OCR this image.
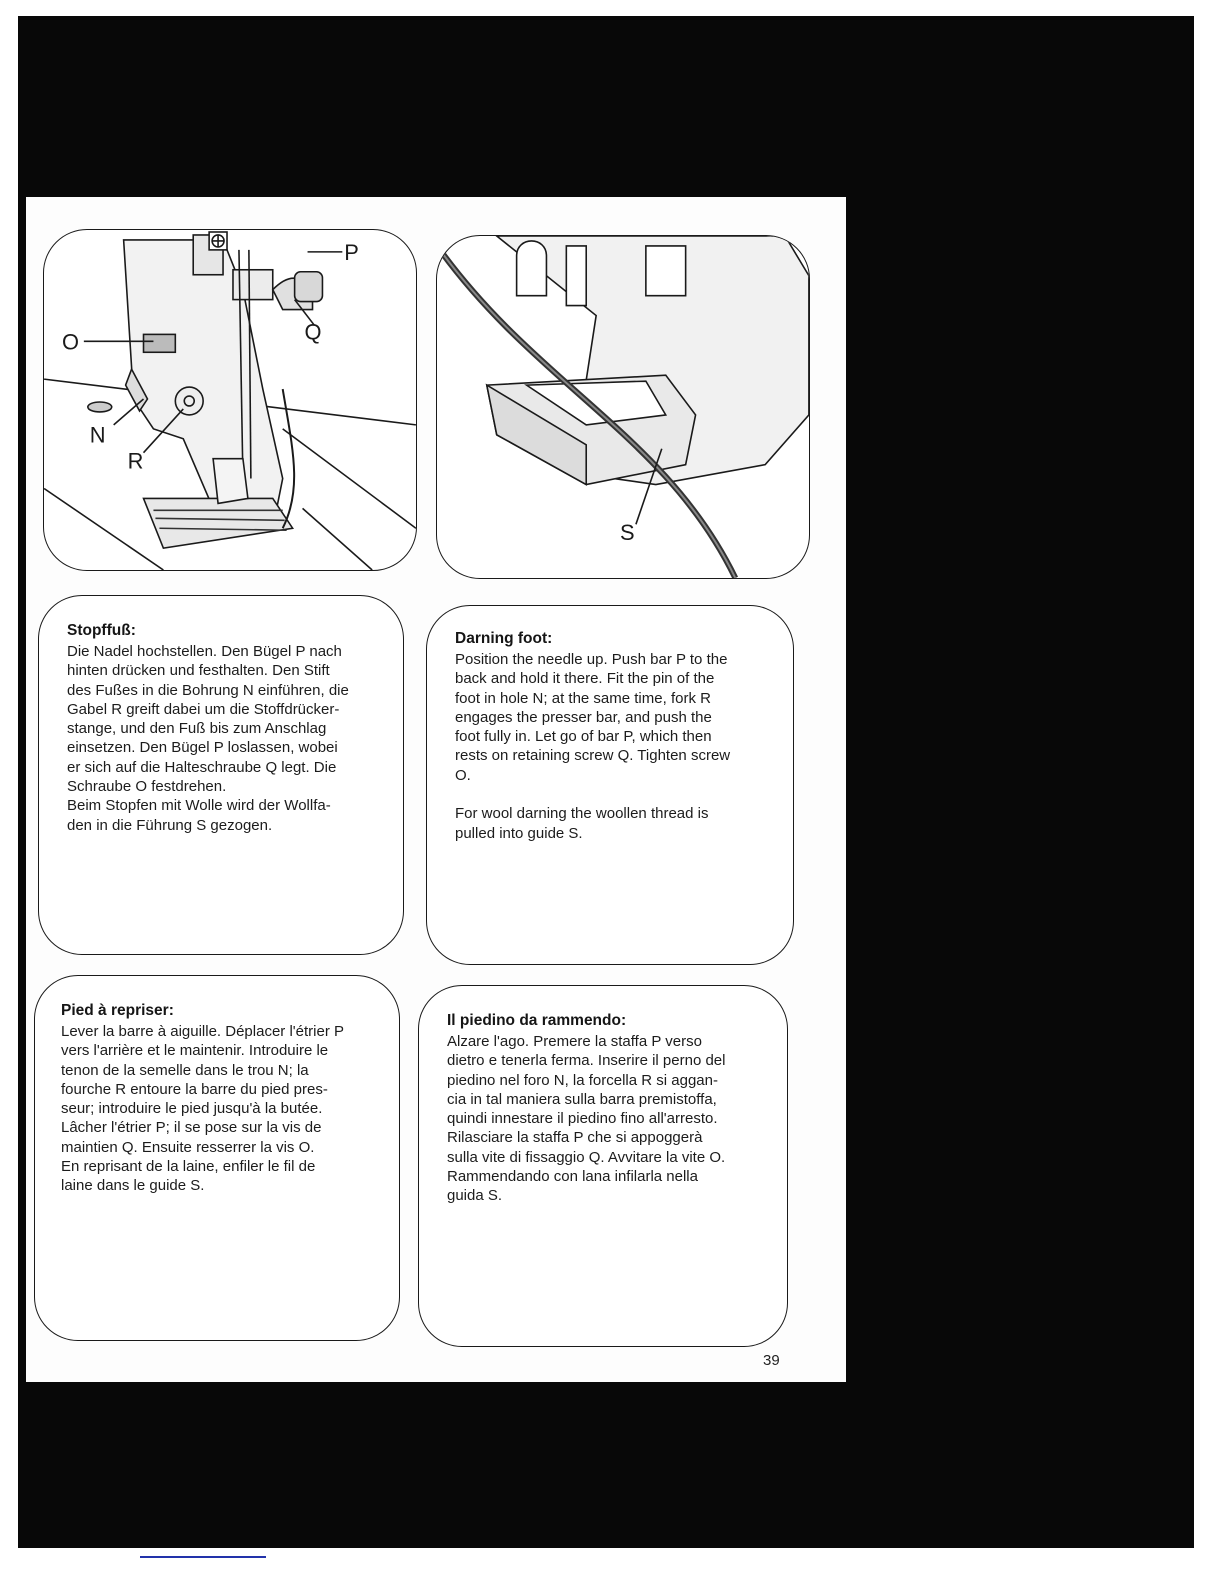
P
Q
O
N
R
S

Stopffuß:

Die Nadel hochstellen. Den Bügel P nach
hinten drücken und festhalten. Den Stift
des Fußes in die Bohrung N einführen, die
Gabel R greift dabei um die Stoffdrücker-
stange, und den Fuß bis zum Anschlag
einsetzen. Den Bügel P loslassen, wobei
er sich auf die Halteschraube Q legt. Die
Schraube O festdrehen.
Beim Stopfen mit Wolle wird der Wollfa-
den in die Führung S gezogen.

Darning foot:

Position the needle up. Push bar P to the
back and hold it there. Fit the pin of the
foot in hole N; at the same time, fork R
engages the presser bar, and push the
foot fully in. Let go of bar P, which then
rests on retaining screw Q. Tighten screw
O.

For wool darning the woollen thread is
pulled into guide S.

Pied à repriser:

Lever la barre à aiguille. Déplacer l'étrier P
vers l'arrière et le maintenir. Introduire le
tenon de la semelle dans le trou N; la
fourche R entoure la barre du pied pres-
seur; introduire le pied jusqu'à la butée.
Lâcher l'étrier P; il se pose sur la vis de
maintien Q. Ensuite resserrer la vis O.
En reprisant de la laine, enfiler le fil de
laine dans le guide S.

Il piedino da rammendo:

Alzare l'ago. Premere la staffa P verso
dietro e tenerla ferma. Inserire il perno del
piedino nel foro N, la forcella R si aggan-
cia in tal maniera sulla barra premistoffa,
quindi innestare il piedino fino all'arresto.
Rilasciare la staffa P che si appoggerà
sulla vite di fissaggio Q. Avvitare la vite O.
Rammendando con lana infilarla nella
guida S.

39
